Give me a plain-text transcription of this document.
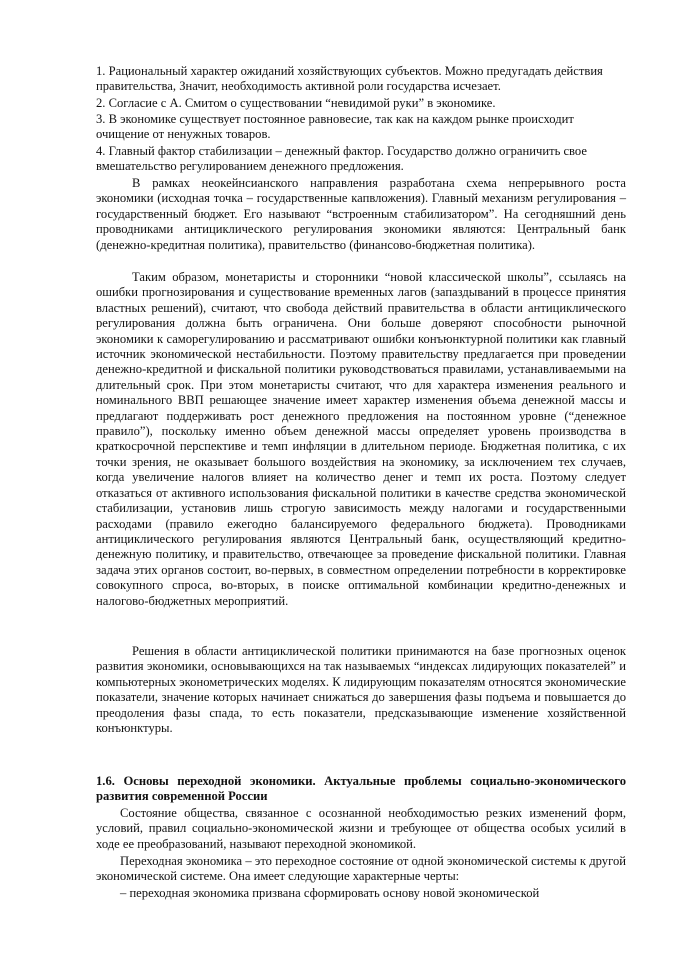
1. Рациональный характер ожиданий хозяйствующих субъектов. Можно предугадать действия правительства, Значит, необходимость активной роли государства исчезает.
2. Согласие с А. Смитом о существовании “невидимой руки” в экономике.
3. В экономике существует постоянное равновесие, так как на каждом рынке происходит очищение от ненужных товаров.
4. Главный фактор стабилизации – денежный фактор. Государство должно ограничить свое вмешательство регулированием денежного предложения.
В рамках неокейнсианского направления разработана схема непрерывного роста экономики (исходная точка – государственные капвложения). Главный механизм регулирования – государственный бюджет. Его называют “встроенным стабилизатором”. На сегодняшний день проводниками антициклического регулирования экономики являются: Центральный банк (денежно-кредитная политика), правительство (финансово-бюджетная политика).
Таким образом, монетаристы и сторонники “новой классической школы”, ссылаясь на ошибки прогнозирования и существование временных лагов (запаздываний в процессе принятия властных решений), считают, что свобода действий правительства в области антициклического регулирования должна быть ограничена. Они больше доверяют способности рыночной экономики к саморегулированию и рассматривают ошибки конъюнктурной политики как главный источник экономической нестабильности. Поэтому правительству предлагается при проведении денежно-кредитной и фискальной политики руководствоваться правилами, устанавливаемыми на длительный срок. При этом монетаристы считают, что для характера изменения реального и номинального ВВП решающее значение имеет характер изменения объема денежной массы и предлагают поддерживать рост денежного предложения на постоянном уровне (“денежное правило”), поскольку именно объем денежной массы определяет уровень производства в краткосрочной перспективе и темп инфляции в длительном периоде. Бюджетная политика, с их точки зрения, не оказывает большого воздействия на экономику, за исключением тех случаев, когда увеличение налогов влияет на количество денег и темп их роста. Поэтому следует отказаться от активного использования фискальной политики в качестве средства экономической стабилизации, установив лишь строгую зависимость между налогами и государственными расходами (правило ежегодно балансируемого федерального бюджета). Проводниками антициклического регулирования являются Центральный банк, осуществляющий кредитно-денежную политику, и правительство, отвечающее за проведение фискальной политики. Главная задача этих органов состоит, во-первых, в совместном определении потребности в корректировке совокупного спроса, во-вторых, в поиске оптимальной комбинации кредитно-денежных и налогово-бюджетных мероприятий.
Решения в области антициклической политики принимаются на базе прогнозных оценок развития экономики, основывающихся на так называемых “индексах лидирующих показателей” и компьютерных эконометрических моделях. К лидирующим показателям относятся экономические показатели, значение которых начинает снижаться до завершения фазы подъема и повышается до преодоления фазы спада, то есть показатели, предсказывающие изменение хозяйственной конъюнктуры.
1.6. Основы переходной экономики. Актуальные проблемы социально-экономического развития современной России
Состояние общества, связанное с осознанной необходимостью резких изменений форм, условий, правил социально-экономической жизни и требующее от общества особых усилий в ходе ее преобразований, называют переходной экономикой.
Переходная экономика – это переходное состояние от одной экономической системы к другой экономической системе. Она имеет следующие характерные черты:
– переходная экономика призвана сформировать основу новой экономической
